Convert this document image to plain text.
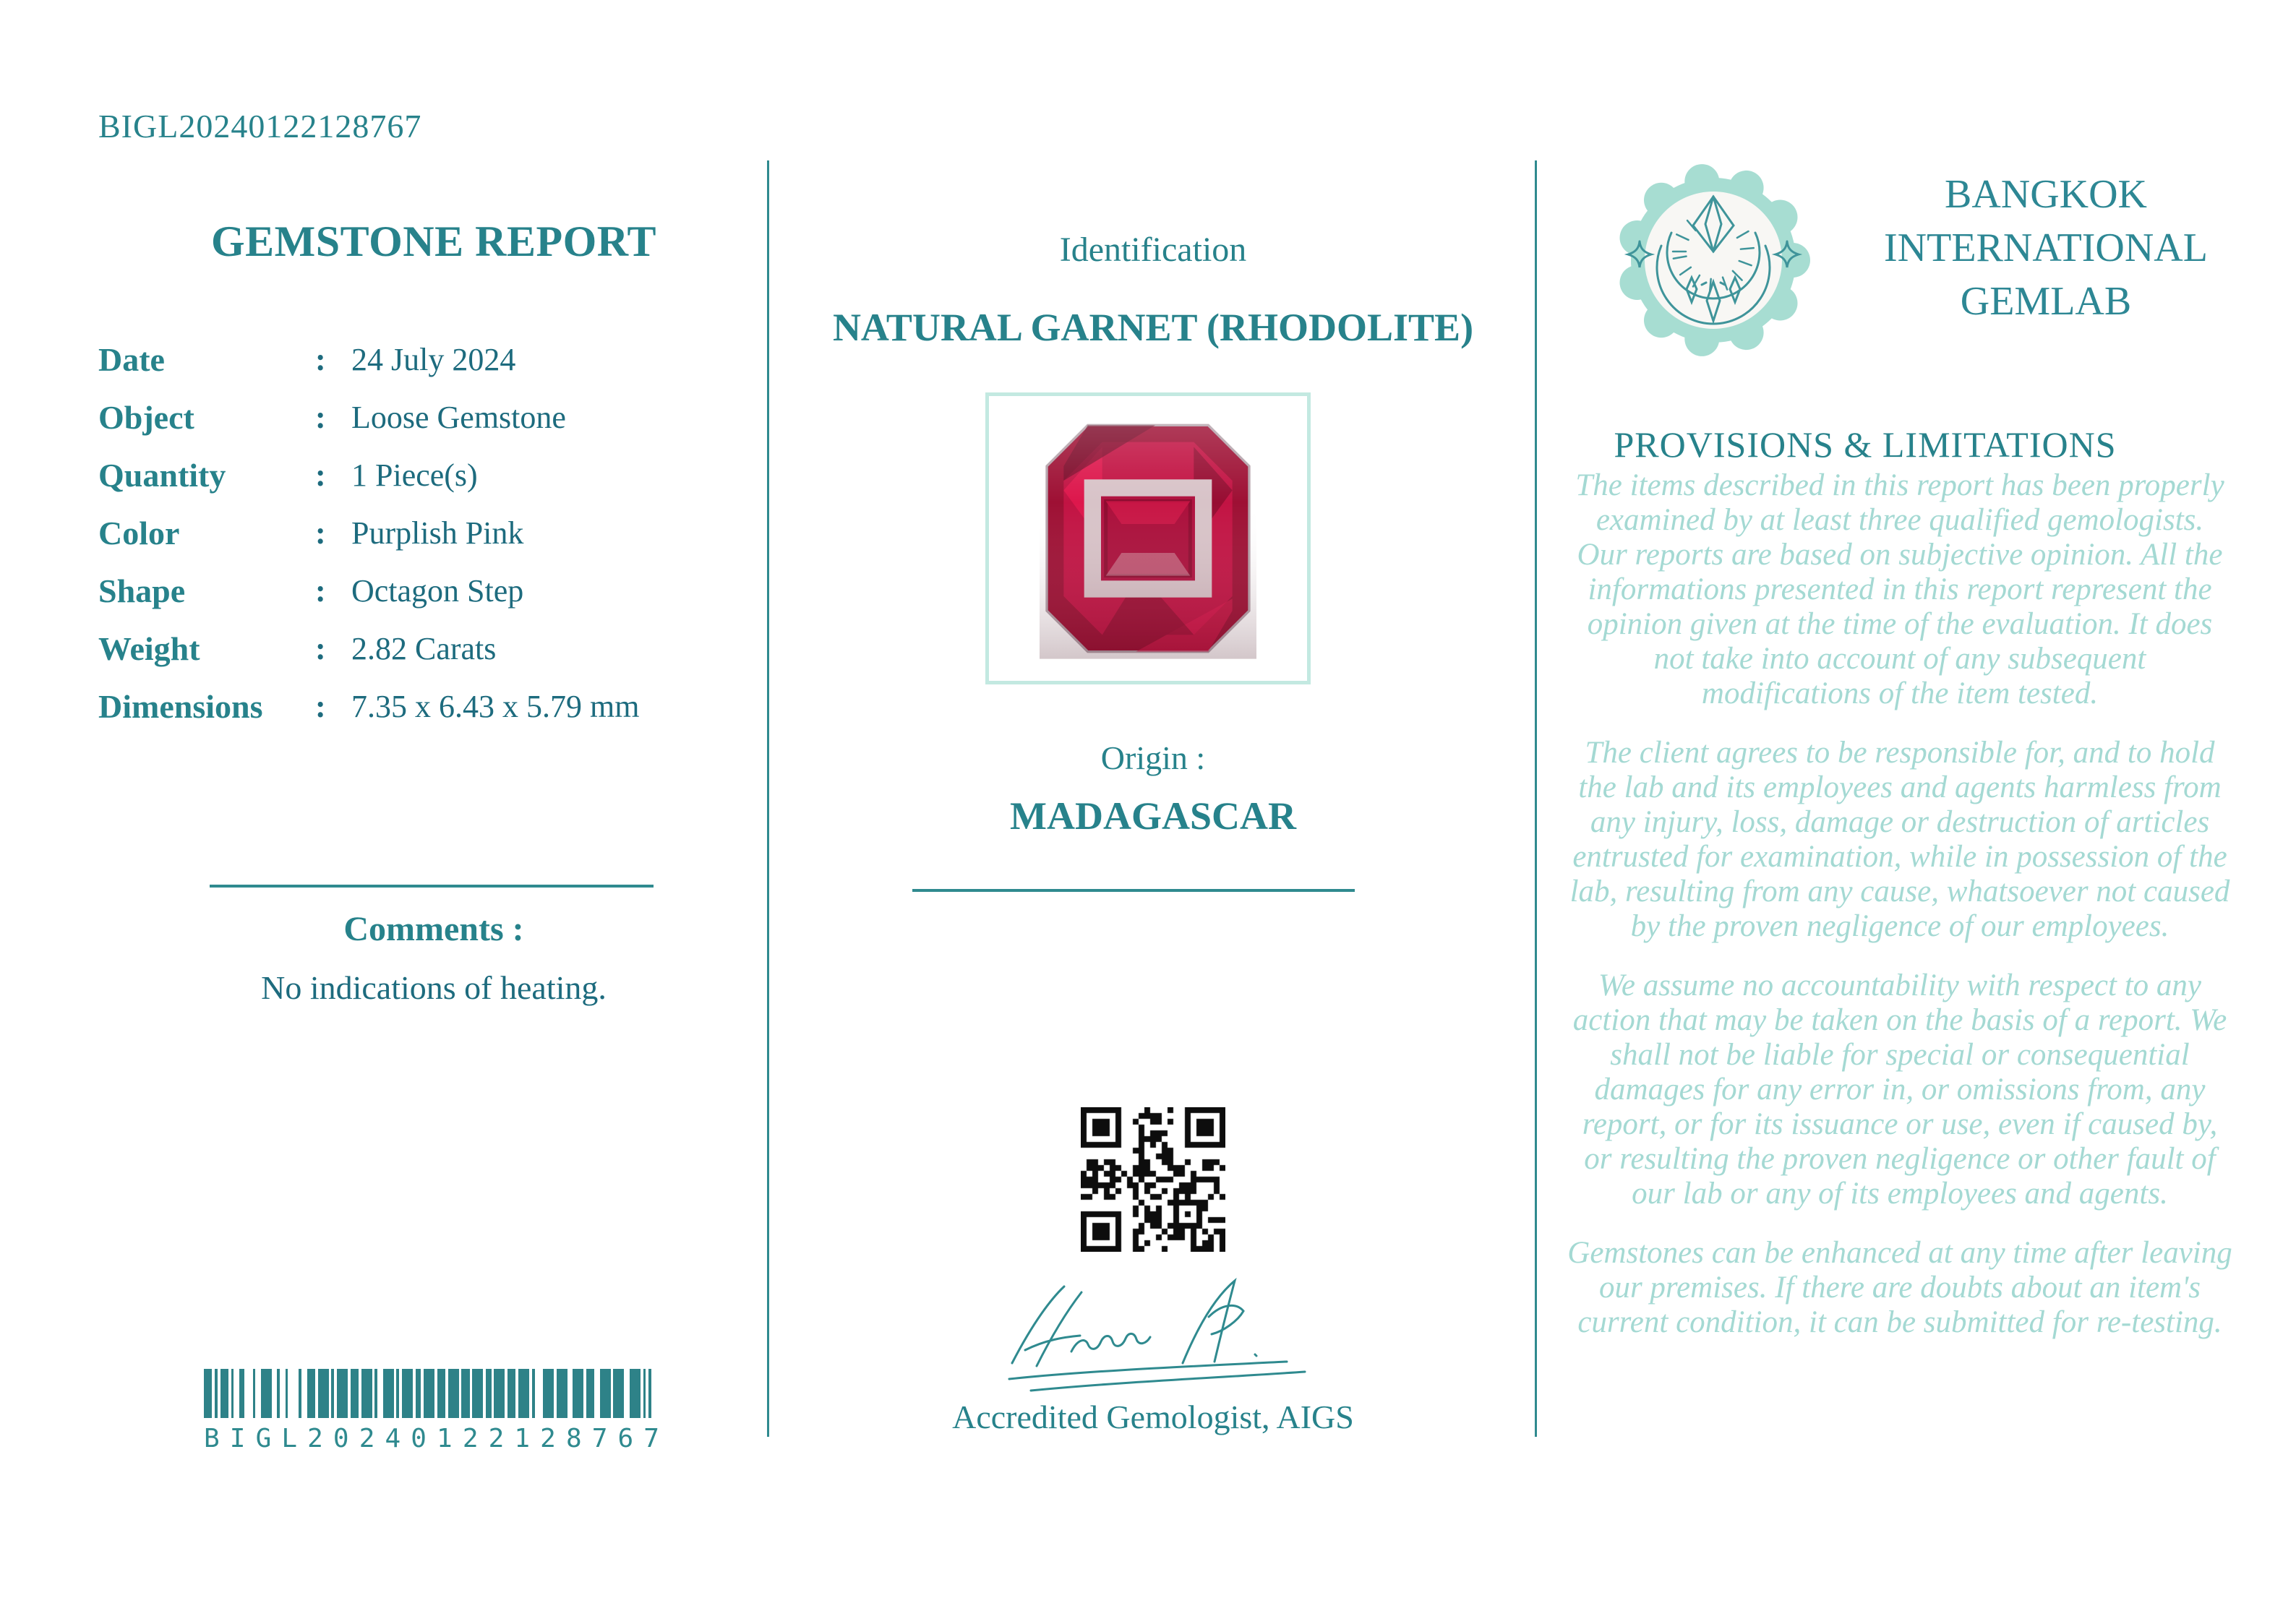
BIGL20240122128767
GEMSTONE REPORT
Date	: 24 July 2024
Object	: Loose Gemstone
Quantity	: 1 Piece(s)
Color	: Purplish Pink
Shape	: Octagon Step
Weight	: 2.82 Carats
Dimensions	: 7.35 x 6.43 x 5.79 mm
Comments :
No indications of heating.
B I G L 2 0 2 4 0 1 2 2 1 2 8 7 6 7
Identification
NATURAL GARNET (RHODOLITE)
Origin :
MADAGASCAR
Accredited Gemologist, AIGS
BANGKOK INTERNATIONAL GEMLAB
PROVISIONS & LIMITATIONS

The items described in this report has been properly examined by at least three qualified gemologists. Our reports are based on subjective opinion. All the informations presented in this report represent the opinion given at the time of the evaluation. It does not take into account of any subsequent modifications of the item tested.

The client agrees to be responsible for, and to hold the lab and its employees and agents harmless from any injury, loss, damage or destruction of articles entrusted for examination, while in possession of the lab, resulting from any cause, whatsoever not caused by the proven negligence of our employees.

We assume no accountability with respect to any action that may be taken on the basis of a report. We shall not be liable for special or consequential damages for any error in, or omissions from, any report, or for its issuance or use, even if caused by, or resulting the proven negligence or other fault of our lab or any of its employees and agents.

Gemstones can be enhanced at any time after leaving our premises. If there are doubts about an item's current condition, it can be submitted for re-testing.
